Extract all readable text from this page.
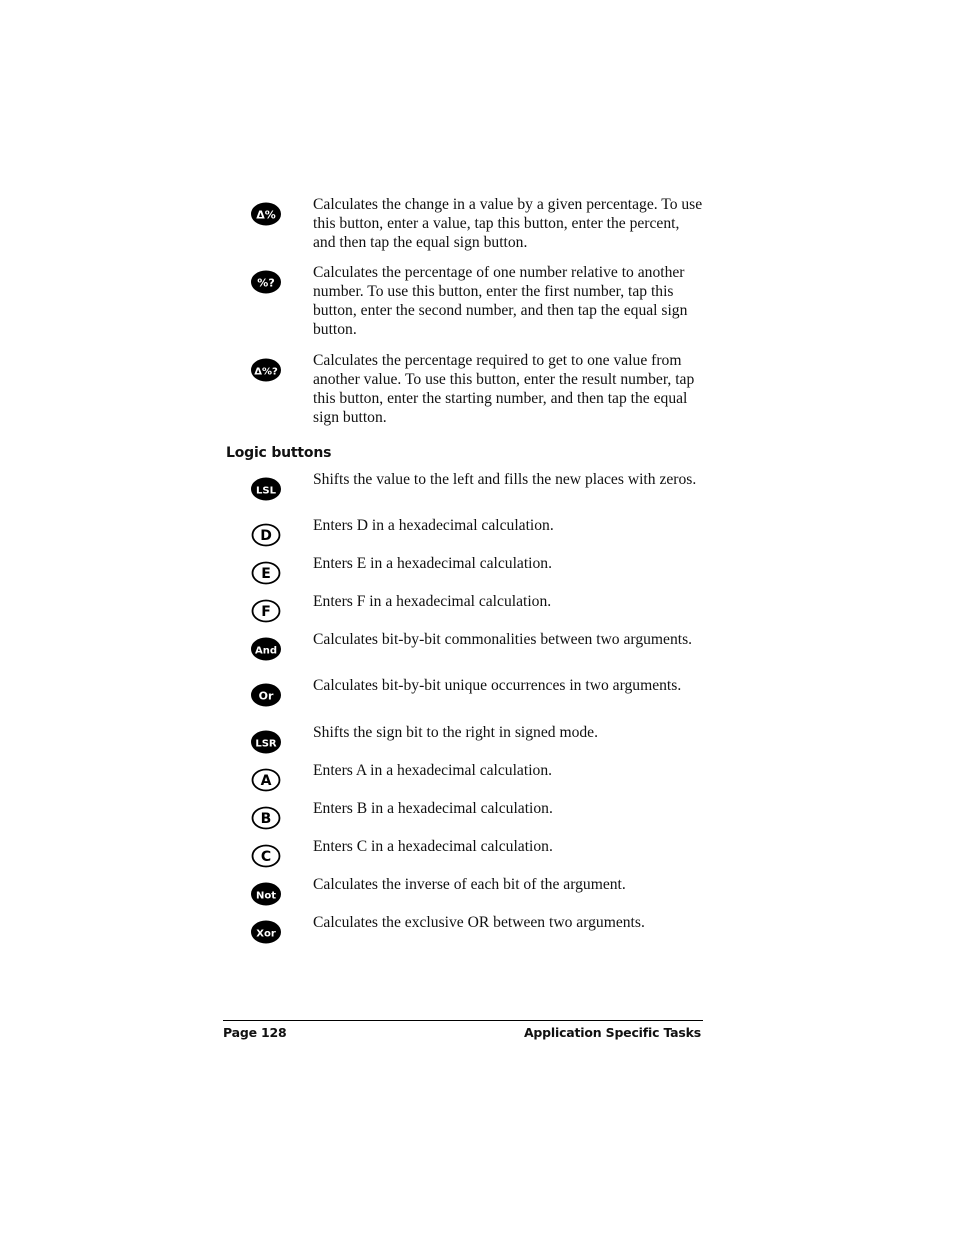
Δ%
Calculates the change in a value by a given percentage. To use this button, enter a value, tap this button, enter the percent, and then tap the equal sign button.
%?
Calculates the percentage of one number relative to another number. To use this button, enter the first number, tap this button, enter the second number, and then tap the equal sign button.
Δ%?
Calculates the percentage required to get to one value from another value. To use this button, enter the result number, tap this button, enter the starting number, and then tap the equal sign button.
Logic buttons
LSL
Shifts the value to the left and fills the new places with zeros.
D
Enters D in a hexadecimal calculation.
E
Enters E in a hexadecimal calculation.
F
Enters F in a hexadecimal calculation.
And
Calculates bit-by-bit commonalities between two arguments.
Or
Calculates bit-by-bit unique occurrences in two arguments.
LSR
Shifts the sign bit to the right in signed mode.
A
Enters A in a hexadecimal calculation.
B
Enters B in a hexadecimal calculation.
C
Enters C in a hexadecimal calculation.
Not
Calculates the inverse of each bit of the argument.
Xor
Calculates the exclusive OR between two arguments.
Page 128	Application Specific Tasks
